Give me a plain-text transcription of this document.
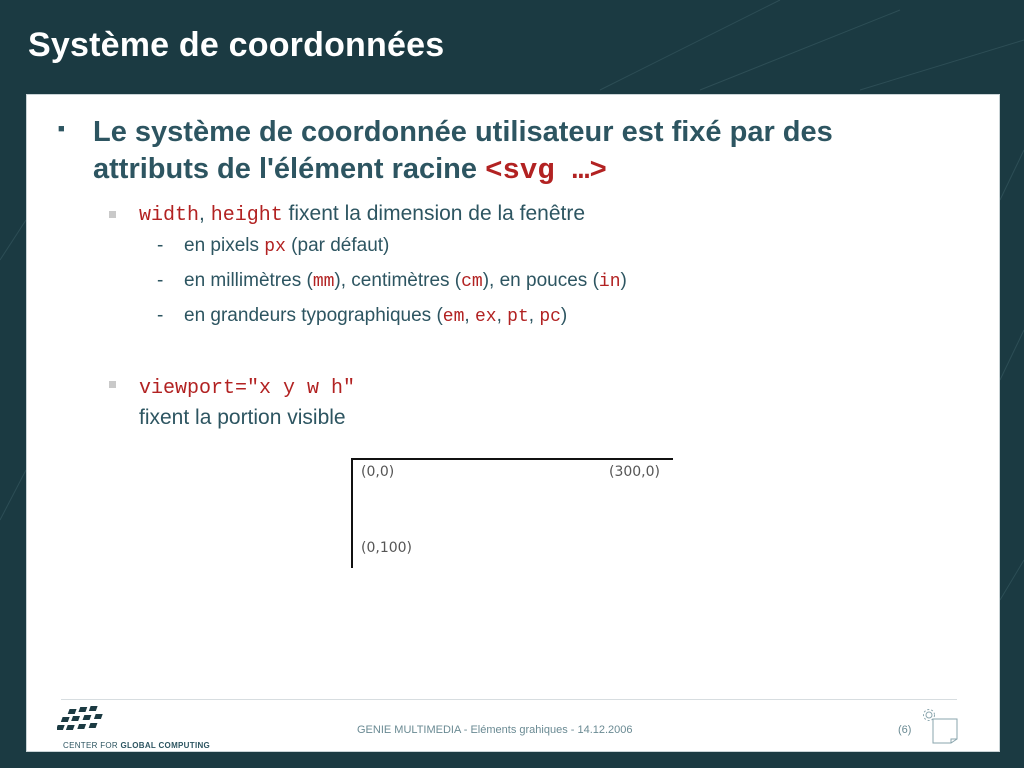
Système de coordonnées
■ Le système de coordonnée utilisateur est fixé par des attributs de l'élément racine <svg …>
width, height fixent la dimension de la fenêtre
- en pixels px (par défaut)
- en millimètres (mm), centimètres (cm), en pouces (in)
- en grandeurs typographiques (em, ex, pt, pc)
viewport="x y w h"
fixent la portion visible
(0,0)	(300,0)
(0,100)
CENTER FOR GLOBAL COMPUTING
GENIE MULTIMEDIA - Eléments grahiques - 14.12.2006	(6)
